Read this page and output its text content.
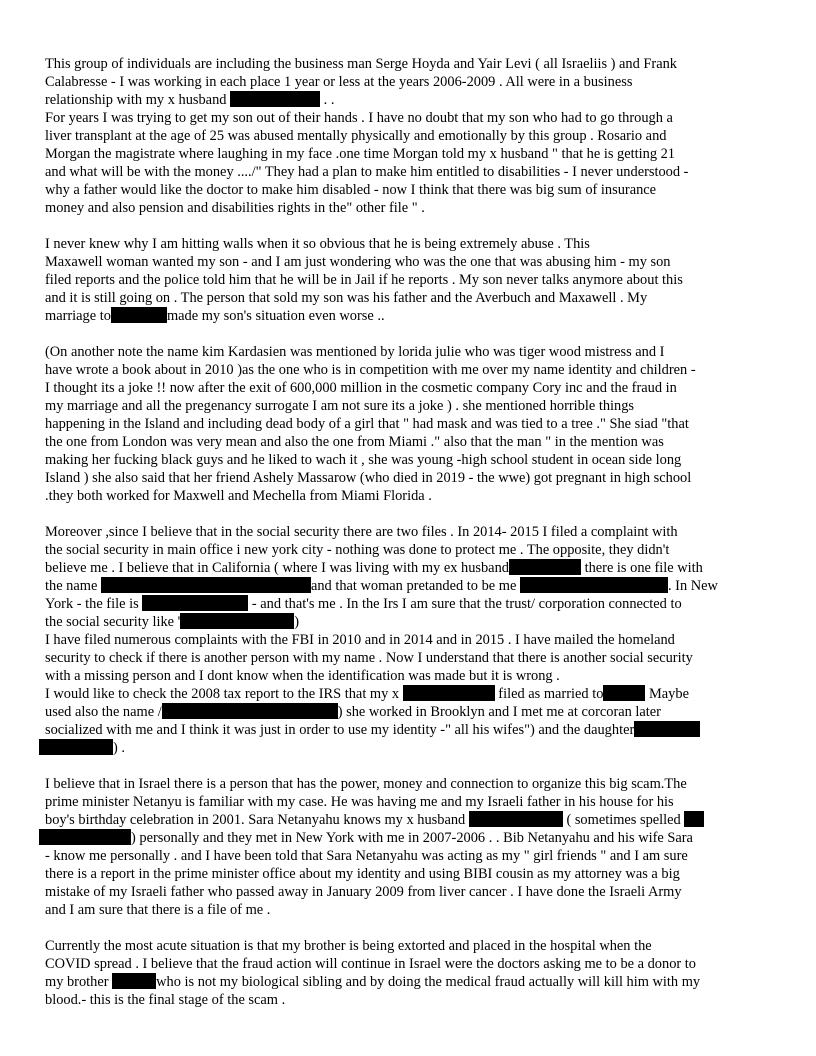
This group of individuals are including the business man Serge Hoyda and Yair Levi ( all Israeliis ) and Frank
Calabresse - I was working in each place 1 year or less at the years 2006-2009 . All were in a business
relationship with my x husband	. .
For years I was trying to get my son out of their hands . I have no doubt that my son who had to go through a
liver transplant at the age of 25 was abused mentally physically and emotionally by this group . Rosario and
Morgan the magistrate where laughing in my face .one time Morgan told my x husband " that he is getting 21
and what will be with the money ..../" They had a plan to make him entitled to disabilities - I never understood -
why a father would like the doctor to make him disabled - now I think that there was big sum of insurance
money and also pension and disabilities rights in the" other file " .
I never knew why I am hitting walls when it so obvious that he is being extremely abuse . This
Maxawell woman wanted my son - and I am just wondering who was the one that was abusing him - my son
filed reports and the police told him that he will be in Jail if he reports . My son never talks anymore about this
and it is still going on . The person that sold my son was his father and the Averbuch and Maxawell . My
marriage to	made my son's situation even worse ..
(On another note the name kim Kardasien was mentioned by lorida julie who was tiger wood mistress and I
have wrote a book about in 2010 )as the one who is in competition with me over my name identity and children -
I thought its a joke !! now after the exit of 600,000 million in the cosmetic company Cory inc and the fraud in
my marriage and all the pregenancy surrogate I am not sure its a joke ) . she mentioned horrible things
happening in the Island and including dead body of a girl that " had mask and was tied to a tree ." She siad "that
the one from London was very mean and also the one from Miami ." also that the man " in the mention was
making her fucking black guys and he liked to wach it , she was young -high school student in ocean side long
Island ) she also said that her friend Ashely Massarow (who died in 2019 - the wwe) got pregnant in high school
.they both worked for Maxwell and Mechella from Miami Florida .
Moreover ,since I believe that in the social security there are two files . In 2014- 2015 I filed a complaint with
the social security in main office i new york city - nothing was done to protect me . The opposite, they didn't
believe me . I believe that in California ( where I was living with my ex husband	there is one file with
the name	and that woman pretanded to be me	. In New
York - the file is	- and that's me . In the Irs I am sure that the trust/ corporation connected to
the social security like '	)
I have filed numerous complaints with the FBI in 2010 and in 2014 and in 2015 . I have mailed the homeland
security to check if there is another person with my name . Now I understand that there is another social security
with a missing person and I dont know when the identification was made but it is wrong .
I would like to check the 2008 tax report to the IRS that my x	filed as married to	Maybe
used also the name /	) she worked in Brooklyn and I met me at corcoran later
socialized with me and I think it was just in order to use my identity -" all his wifes") and the daughter
) .
I believe that in Israel there is a person that has the power, money and connection to organize this big scam.The
prime minister Netanyu is familiar with my case. He was having me and my Israeli father in his house for his
boy's birthday celebration in 2001. Sara Netanyahu knows my x husband	( sometimes spelled
) personally and they met in New York with me in 2007-2006 . . Bib Netanyahu and his wife Sara
- know me personally . and I have been told that Sara Netanyahu was acting as my " girl friends " and I am sure
there is a report in the prime minister office about my identity and using BIBI cousin as my attorney was a big
mistake of my Israeli father who passed away in January 2009 from liver cancer . I have done the Israeli Army
and I am sure that there is a file of me .
Currently the most acute situation is that my brother is being extorted and placed in the hospital when the
COVID spread . I believe that the fraud action will continue in Israel were the doctors asking me to be a donor to
my brother	who is not my biological sibling and by doing the medical fraud actually will kill him with my
blood.- this is the final stage of the scam .
